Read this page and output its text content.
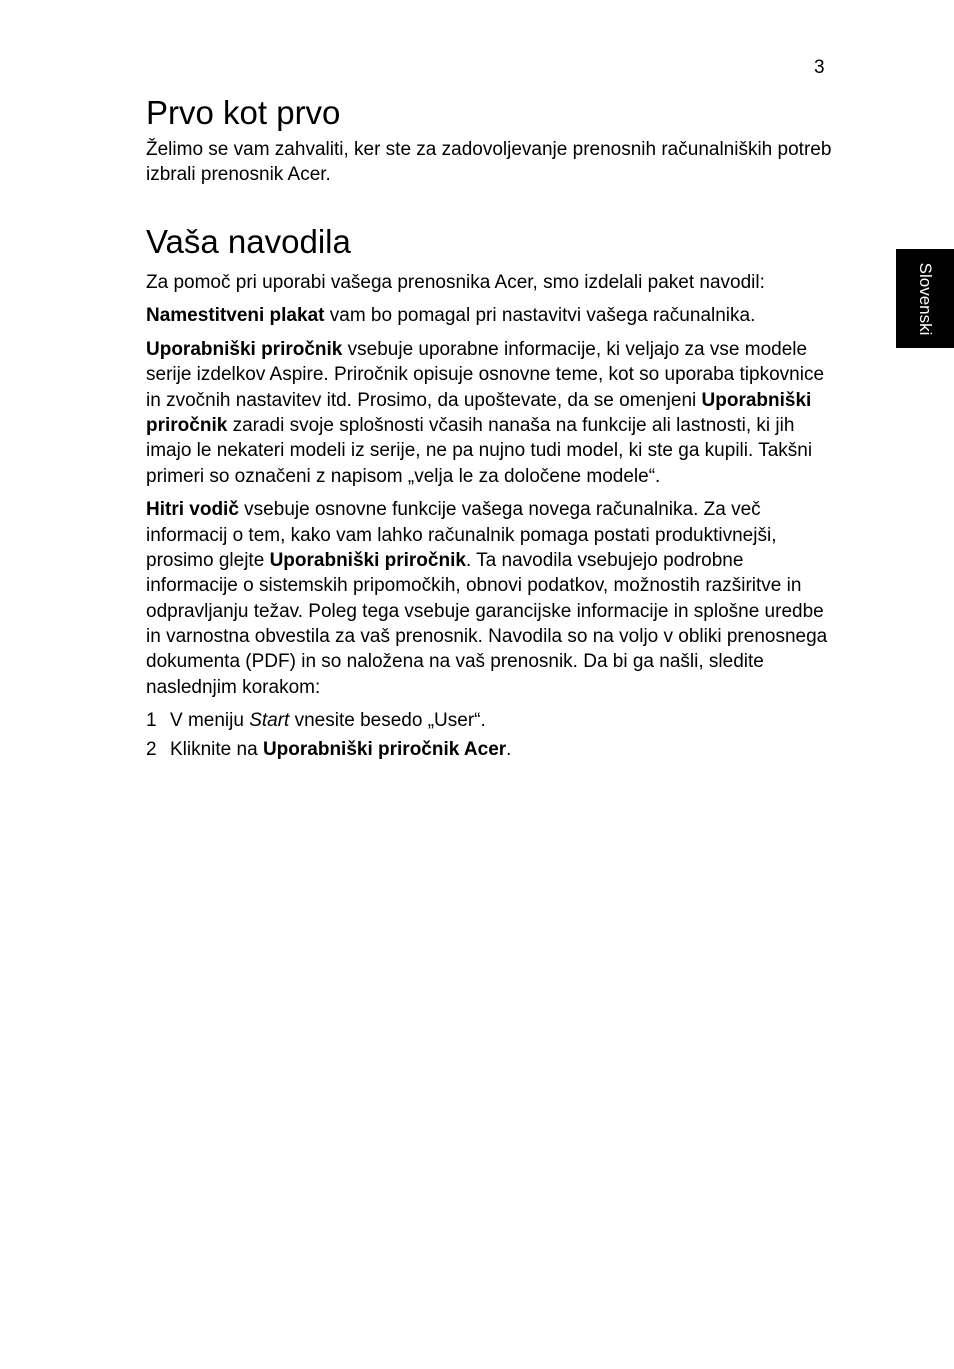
3
Slovenski
Prvo kot prvo

Želimo se vam zahvaliti, ker ste za zadovoljevanje prenosnih računalniških potreb izbrali prenosnik Acer.

Vaša navodila

Za pomoč pri uporabi vašega prenosnika Acer, smo izdelali paket navodil:

Namestitveni plakat vam bo pomagal pri nastavitvi vašega računalnika.

Uporabniški priročnik vsebuje uporabne informacije, ki veljajo za vse modele serije izdelkov Aspire. Priročnik opisuje osnovne teme, kot so uporaba tipkovnice in zvočnih nastavitev itd. Prosimo, da upoštevate, da se omenjeni Uporabniški priročnik zaradi svoje splošnosti včasih nanaša na funkcije ali lastnosti, ki jih imajo le nekateri modeli iz serije, ne pa nujno tudi model, ki ste ga kupili. Takšni primeri so označeni z napisom „velja le za določene modele“.

Hitri vodič vsebuje osnovne funkcije vašega novega računalnika. Za več informacij o tem, kako vam lahko računalnik pomaga postati produktivnejši, prosimo glejte Uporabniški priročnik. Ta navodila vsebujejo podrobne informacije o sistemskih pripomočkih, obnovi podatkov, možnostih razširitve in odpravljanju težav. Poleg tega vsebuje garancijske informacije in splošne uredbe in varnostna obvestila za vaš prenosnik. Navodila so na voljo v obliki prenosnega dokumenta (PDF) in so naložena na vaš prenosnik. Da bi ga našli, sledite naslednjim korakom:

1 V meniju Start vnesite besedo „User“.
2 Kliknite na Uporabniški priročnik Acer.
